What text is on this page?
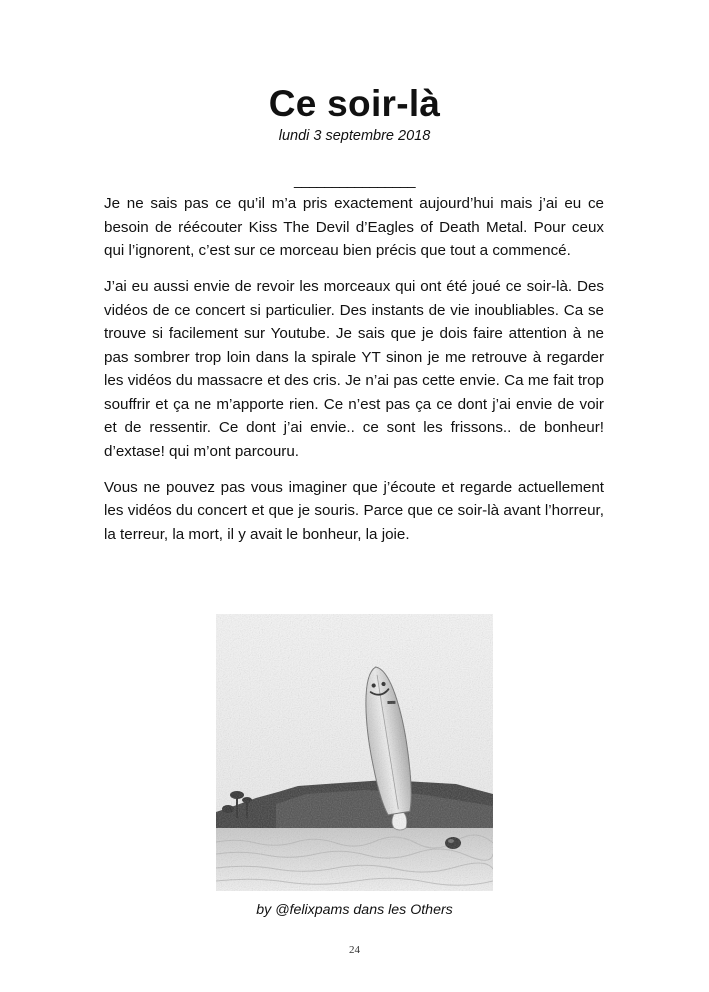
Ce soir-là
lundi 3 septembre 2018
________________

Je ne sais pas ce qu’il m’a pris exactement aujourd’hui mais j’ai eu ce besoin de réécouter Kiss The Devil d’Eagles of Death Metal. Pour ceux qui l’ignorent, c’est sur ce morceau bien précis que tout a commencé.

J’ai eu aussi envie de revoir les morceaux qui ont été joué ce soir-là. Des vidéos de ce concert si particulier. Des instants de vie inoubliables. Ca se trouve si facilement sur Youtube. Je sais que je dois faire attention à ne pas sombrer trop loin dans la spirale YT sinon je me retrouve à regarder les vidéos du massacre et des cris. Je n’ai pas cette envie. Ca me fait trop souffrir et ça ne m’apporte rien. Ce n’est pas ça ce dont j’ai envie de voir et de ressentir. Ce dont j’ai envie.. ce sont les frissons.. de bonheur! d’extase! qui m’ont parcouru.

Vous ne pouvez pas vous imaginer que j’écoute et regarde actuellement les vidéos du concert et que je souris. Parce que ce soir-là avant l’horreur, la terreur, la mort, il y avait le bonheur, la joie.

by @felixpams dans les Others
24
